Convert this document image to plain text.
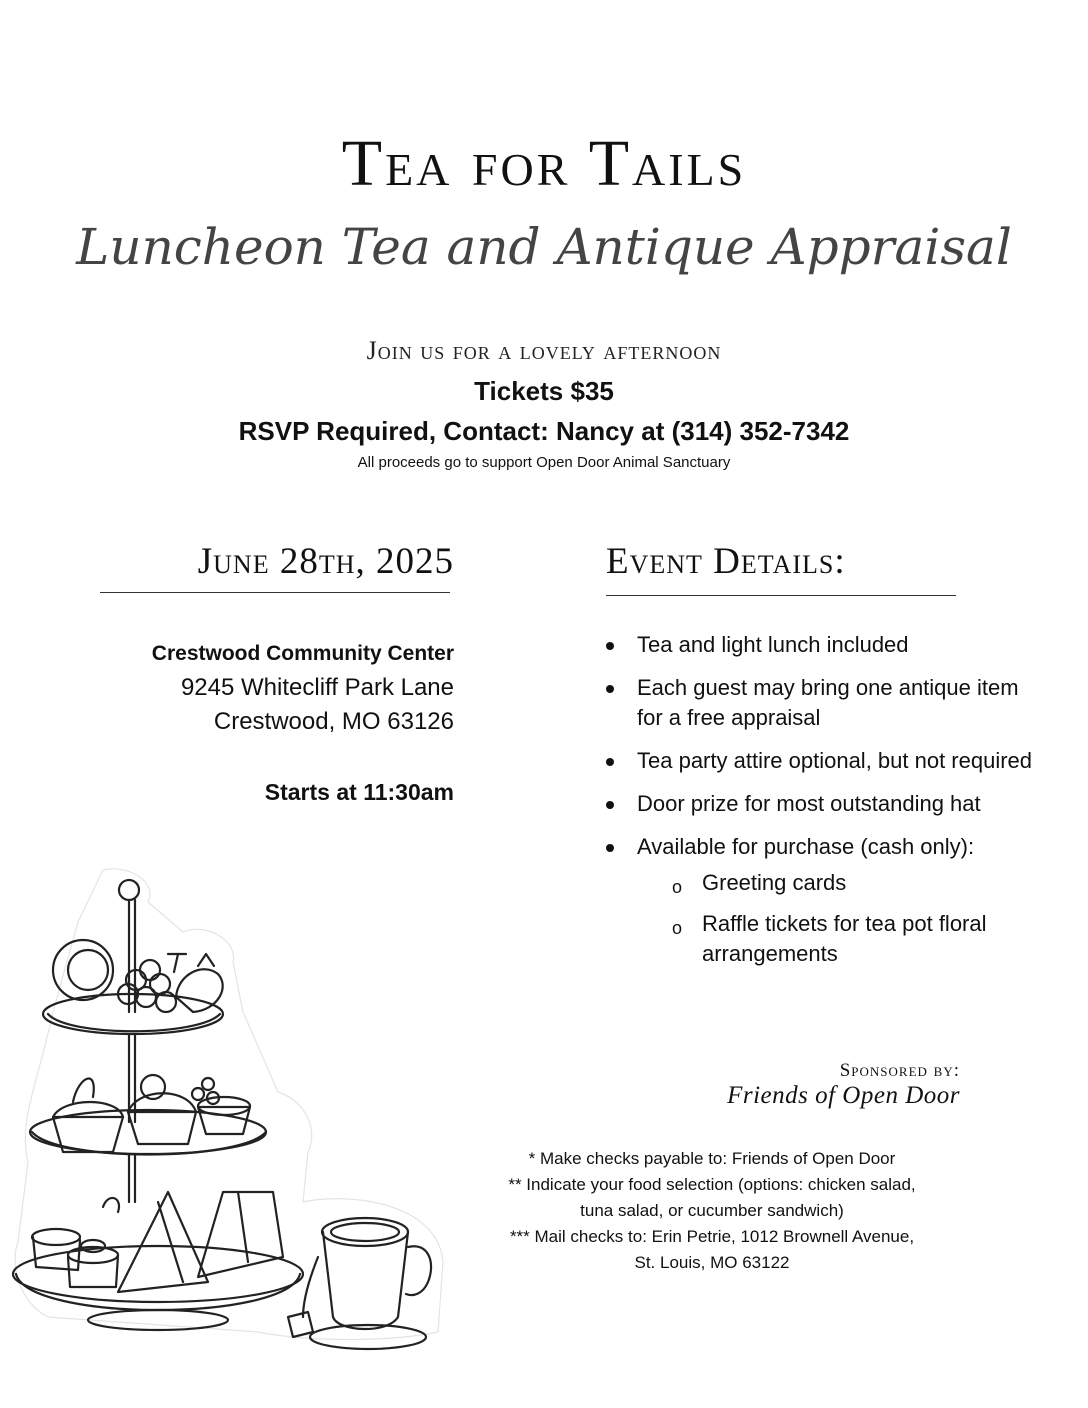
Tea for Tails
Luncheon Tea and Antique Appraisal
Join us for a lovely afternoon
Tickets $35
RSVP Required, Contact: Nancy at (314) 352-7342
All proceeds go to support Open Door Animal Sanctuary
June 28th, 2025	Event Details:
Crestwood Community Center
9245 Whitecliff Park Lane
Crestwood, MO 63126
Starts at 11:30am
Tea and light lunch included
Each guest may bring one antique item for a free appraisal
Tea party attire optional, but not required
Door prize for most outstanding hat
Available for purchase (cash only):
o Greeting cards
o Raffle tickets for tea pot floral arrangements
Sponsored by:
Friends of Open Door
* Make checks payable to: Friends of Open Door
** Indicate your food selection (options: chicken salad,
tuna salad, or cucumber sandwich)
*** Mail checks to: Erin Petrie, 1012 Brownell Avenue,
St. Louis, MO 63122
